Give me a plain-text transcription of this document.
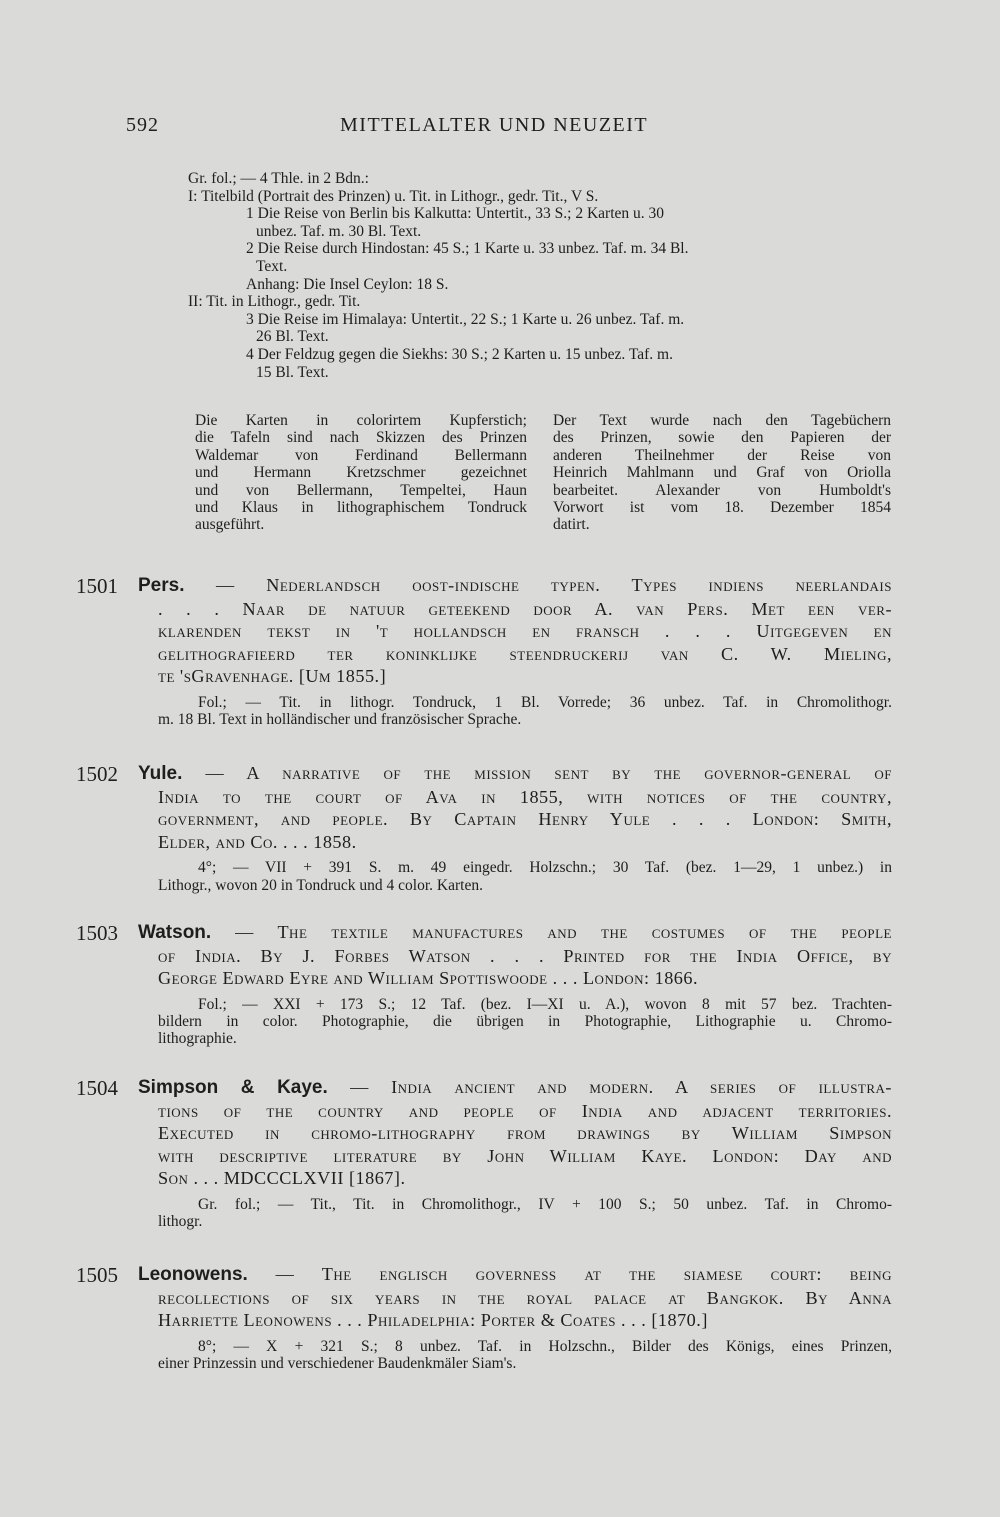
592	MITTELALTER UND NEUZEIT
Gr. fol.; — 4 Thle. in 2 Bdn.:
I: Titelbild (Portrait des Prinzen) u. Tit. in Lithogr., gedr. Tit., V S.
1 Die Reise von Berlin bis Kalkutta: Untertit., 33 S.; 2 Karten u. 30
unbez. Taf. m. 30 Bl. Text.
2 Die Reise durch Hindostan: 45 S.; 1 Karte u. 33 unbez. Taf. m. 34 Bl.
Text.
Anhang: Die Insel Ceylon: 18 S.
II: Tit. in Lithogr., gedr. Tit.
3 Die Reise im Himalaya: Untertit., 22 S.; 1 Karte u. 26 unbez. Taf. m.
26 Bl. Text.
4 Der Feldzug gegen die Siekhs: 30 S.; 2 Karten u. 15 unbez. Taf. m.
15 Bl. Text.
Die Karten in colorirtem Kupferstich;
die Tafeln sind nach Skizzen des Prinzen
Waldemar von Ferdinand Bellermann
und Hermann Kretzschmer gezeichnet
und von Bellermann, Tempeltei, Haun
und Klaus in lithographischem Tondruck
ausgeführt.
Der Text wurde nach den Tagebüchern
des Prinzen, sowie den Papieren der
anderen Theilnehmer der Reise von
Heinrich Mahlmann und Graf von Oriolla
bearbeitet. Alexander von Humboldt's
Vorwort ist vom 18. Dezember 1854
datirt.
1501 Pers. — Nederlandsch oost-indische typen. Types indiens neerlandais
. . . Naar de natuur geteekend door A. van Pers. Met een ver-
klarenden tekst in 't hollandsch en fransch . . . Uitgegeven en
gelithografieerd ter koninklijke steendruckerij van C. W. Mieling,
te 'sGravenhage. [Um 1855.]
Fol.; — Tit. in lithogr. Tondruck, 1 Bl. Vorrede; 36 unbez. Taf. in Chromolithogr.
m. 18 Bl. Text in holländischer und französischer Sprache.
1502 Yule. — A narrative of the mission sent by the governor-general of
India to the court of Ava in 1855, with notices of the country,
government, and people. By Captain Henry Yule . . . London: Smith,
Elder, and Co. . . . 1858.
4°; — VII + 391 S. m. 49 eingedr. Holzschn.; 30 Taf. (bez. 1—29, 1 unbez.) in
Lithogr., wovon 20 in Tondruck und 4 color. Karten.
1503 Watson. — The textile manufactures and the costumes of the people
of India. By J. Forbes Watson . . . Printed for the India Office, by
George Edward Eyre and William Spottiswoode . . . London: 1866.
Fol.; — XXI + 173 S.; 12 Taf. (bez. I—XI u. A.), wovon 8 mit 57 bez. Trachten-
bildern in color. Photographie, die übrigen in Photographie, Lithographie u. Chromo-
lithographie.
1504 Simpson & Kaye. — India ancient and modern. A series of illustra-
tions of the country and people of India and adjacent territories.
Executed in chromo-lithography from drawings by William Simpson
with descriptive literature by John William Kaye. London: Day and
Son . . . MDCCCLXVII [1867].
Gr. fol.; — Tit., Tit. in Chromolithogr., IV + 100 S.; 50 unbez. Taf. in Chromo-
lithogr.
1505 Leonowens. — The englisch governess at the siamese court: being
recollections of six years in the royal palace at Bangkok. By Anna
Harriette Leonowens . . . Philadelphia: Porter & Coates . . . [1870.]
8°; — X + 321 S.; 8 unbez. Taf. in Holzschn., Bilder des Königs, eines Prinzen,
einer Prinzessin und verschiedener Baudenkmäler Siam's.
